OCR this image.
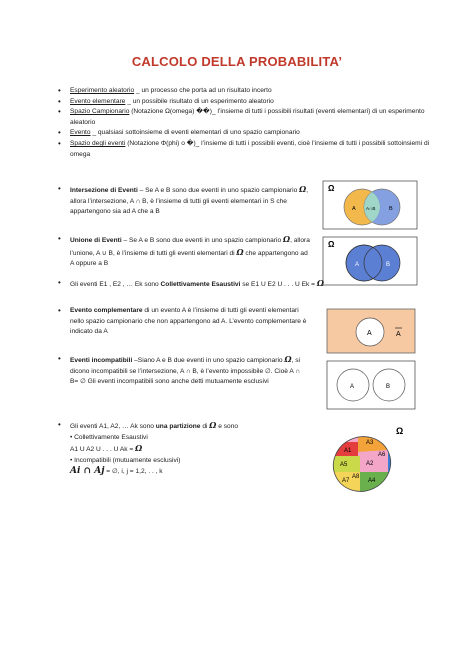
CALCOLO DELLA PROBABILITA’
• Esperimento aleatorio _ un processo che porta ad un risultato incerto
• Evento elementare _ un possibile risultato di un esperimento aleatorio
• Spazio Campionario (Notazione Ω(omega) ��)_ l’insieme di tutti i possibili risultati (eventi elementari) di un esperimento aleatorio
• Evento _ qualsiasi sottoinsieme di eventi elementari di uno spazio campionario
• Spazio degli eventi (Notazione Φ(phi) o �)_ l’insieme di tutti i possibili eventi, cioè l’insieme di tutti i possibili sottoinsiemi di omega
•	Intersezione di Eventi – Se A e B sono due eventi in uno spazio campionario Ω, allora l’intersezione, A ∩ B, è l’insieme di tutti gli eventi elementari in S che appartengono sia ad A che a B
Ω
A A∩B B
•	Unione di Eventi – Se A e B sono due eventi in uno spazio campionario Ω, allora l’unione, A ∪ B, è l’insieme di tutti gli eventi elementari di Ω che appartengono ad A oppure a B
Ω
A	B
•	Gli eventi E1 , E2 , … Ek sono Collettivamente Esaustivi se E1 U E2 U . . . U Ek = Ω
•	Evento complementare di un evento A è l’insieme di tutti gli eventi elementari nello spazio campionario che non appartengono ad A. L’evento complementare è indicato da A	A	A
•	Eventi incompatibili –Siano A e B due eventi in uno spazio campionario Ω, si dicono incompatibili se l’intersezione, A ∩ B, è l’evento impossibile ∅. Cioè A ∩ B= ∅ Gli eventi incompatibili sono anche detti mutuamente esclusivi
A	B
• Gli eventi A1, A2, … Ak sono una partizione di Ω e sono
• Collettivamente Esaustivi
A1 U A2 U . . . U Ak = Ω
• Incompatibili (mutuamente esclusivi)
Ai ∩ Aj = ∅, i, j = 1,2, . . , k
Ω
A1
A3
A5	A2
A4
A7
A8
A6
